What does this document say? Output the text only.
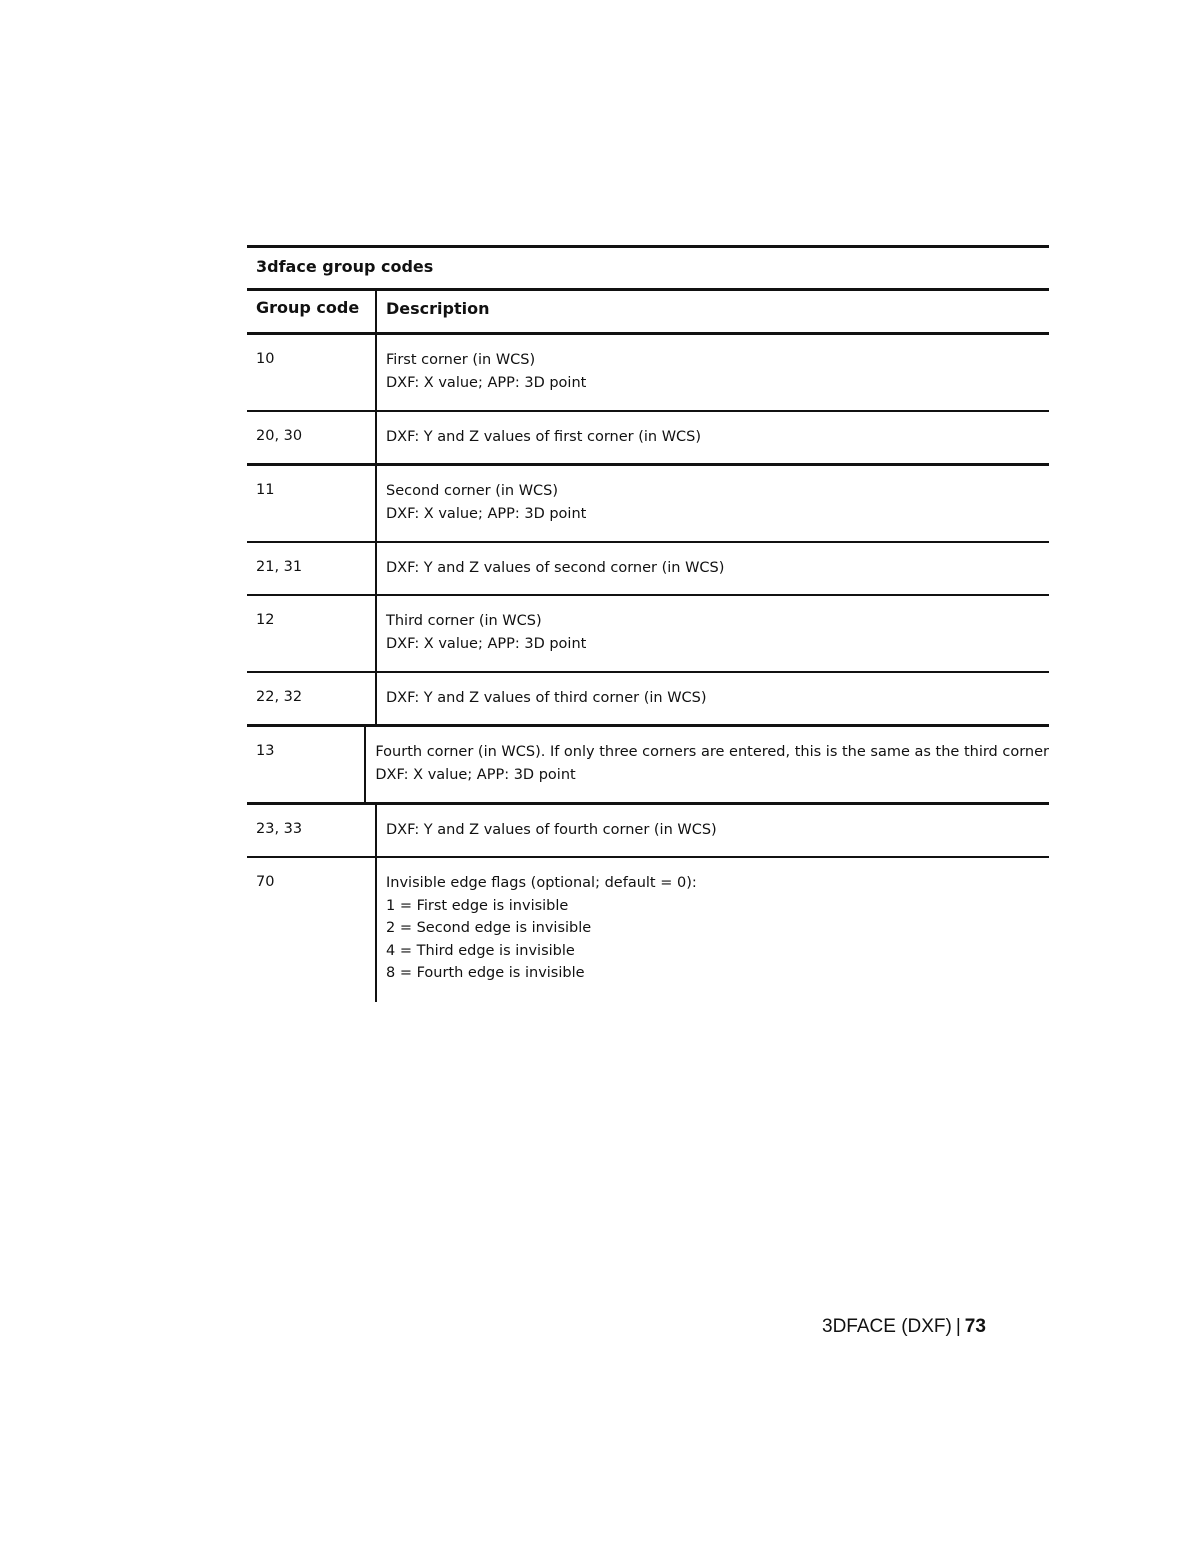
3dface group codes
Group code	Description
10	First corner (in WCS)
DXF: X value; APP: 3D point
20, 30	DXF: Y and Z values of first corner (in WCS)
11	Second corner (in WCS)
DXF: X value; APP: 3D point
21, 31	DXF: Y and Z values of second corner (in WCS)
12	Third corner (in WCS)
DXF: X value; APP: 3D point
22, 32	DXF: Y and Z values of third corner (in WCS)
13	Fourth corner (in WCS). If only three corners are entered, this is the same as the third corner
DXF: X value; APP: 3D point
23, 33	DXF: Y and Z values of fourth corner (in WCS)
70	Invisible edge flags (optional; default = 0):
1 = First edge is invisible
2 = Second edge is invisible
4 = Third edge is invisible
8 = Fourth edge is invisible
3DFACE (DXF) | 73
